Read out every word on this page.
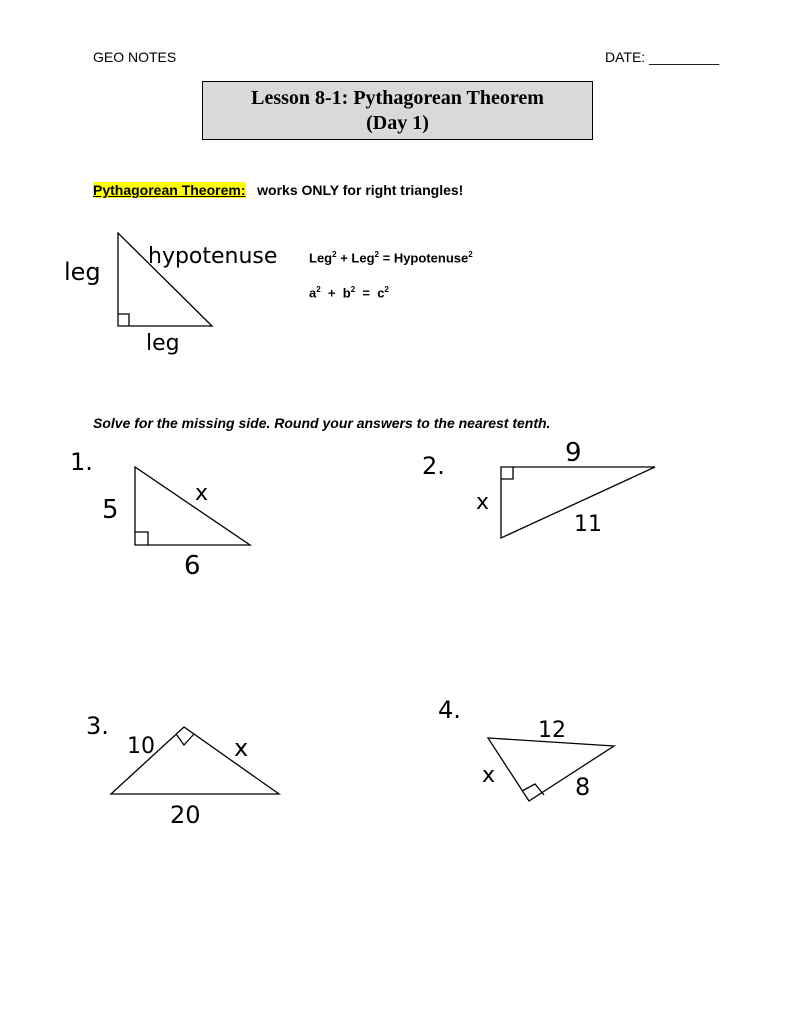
GEO NOTES	DATE: _________
Lesson 8-1: Pythagorean Theorem
(Day 1)
Pythagorean Theorem: works ONLY for right triangles!
Leg$^2$ + Leg$^2$ = Hypotenuse$^2$
$a^2 + b^2 = c^2$
Solve for the missing side. Round your answers to the nearest tenth.
leg
leg
hypotenuse
1.
5
x
6
2.	9
x
11
3.
10	x
20
4.
12
x	8
